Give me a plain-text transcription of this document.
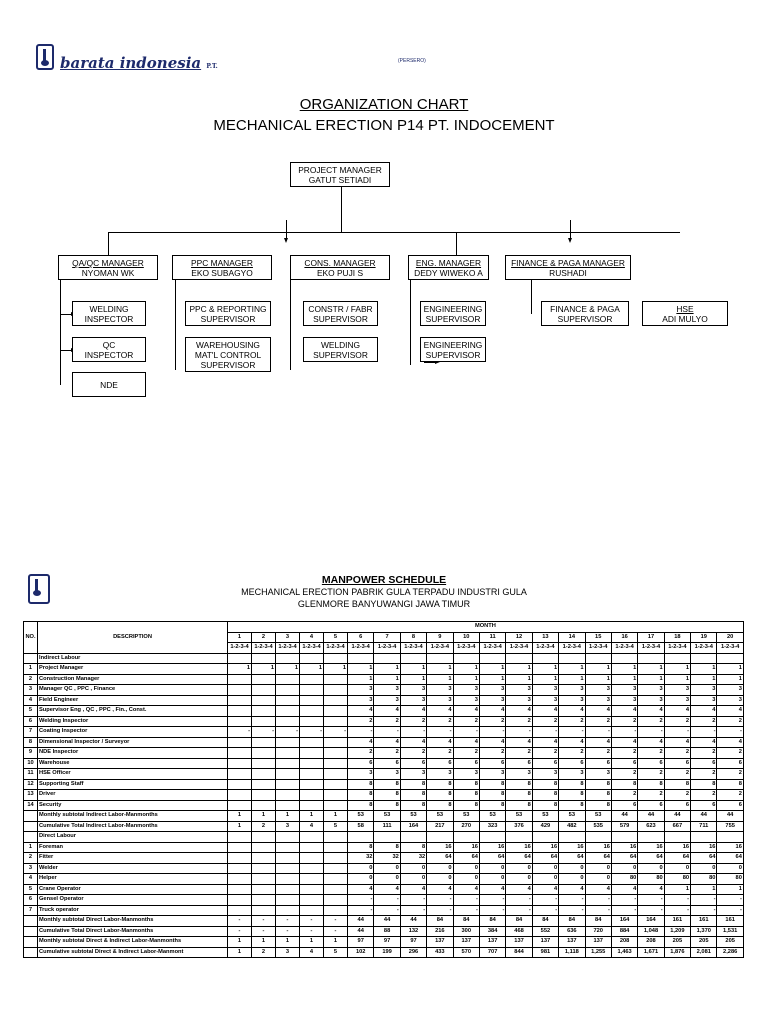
barata indonesia P.T.
(PERSERO)
ORGANIZATION CHART
MECHANICAL ERECTION P14 PT. INDOCEMENT
PROJECT MANAGER
GATUT SETIADI
QA/QC MANAGER
NYOMAN WK
PPC MANAGER
EKO SUBAGYO
CONS. MANAGER
EKO PUJI S
ENG. MANAGER
DEDY WIWEKO A
FINANCE & PAGA MANAGER
RUSHADI
WELDING
INSPECTOR
QC
INSPECTOR
NDE
PPC & REPORTING
SUPERVISOR
WAREHOUSING
MAT'L CONTROL
SUPERVISOR
CONSTR / FABR
SUPERVISOR
WELDING
SUPERVISOR
ENGINEERING
SUPERVISOR
ENGINEERING
SUPERVISOR
FINANCE & PAGA
SUPERVISOR
HSE
ADI MULYO
MANPOWER SCHEDULE
MECHANICAL ERECTION PABRIK GULA TERPADU INDUSTRI GULA
GLENMORE BANYUWANGI JAWA TIMUR
NO.	DESCRIPTION	MONTH																			
		1	2	3	4	5	6	7	8	9	10	11	12	13	14	15	16	17	18	19	20
		1-2-3-4	1-2-3-4	1-2-3-4	1-2-3-4	1-2-3-4	1-2-3-4	1-2-3-4	1-2-3-4	1-2-3-4	1-2-3-4	1-2-3-4	1-2-3-4	1-2-3-4	1-2-3-4	1-2-3-4	1-2-3-4	1-2-3-4	1-2-3-4	1-2-3-4	1-2-3-4
	Indirect Labour																				
1	Project Manager	1	1	1	1	1	1	1	1	1	1	1	1	1	1	1	1	1	1	1	1
2	Construction Manager						1	1	1	1	1	1	1	1	1	1	1	1	1	1	1
3	Manager QC , PPC , Finance						3	3	3	3	3	3	3	3	3	3	3	3	3	3	3
4	Field Engineer						3	3	3	3	3	3	3	3	3	3	3	3	3	3	3
5	Supervisor Eng , QC , PPC , Fin., Const.						4	4	4	4	4	4	4	4	4	4	4	4	4	4	4
6	Welding Inspector						2	2	2	2	2	2	2	2	2	2	2	2	2	2	2
7	Coating Inspector	-	-	-	-	-	-	-	-	-	-	-	-	-	-	-	-	-	-	-	-
8	Dimensional Inspector / Surveyor						4	4	4	4	4	4	4	4	4	4	4	4	4	4	4
9	NDE Inspector						2	2	2	2	2	2	2	2	2	2	2	2	2	2	2
10	Warehouse						6	6	6	6	6	6	6	6	6	6	6	6	6	6	6
11	HSE Officer						3	3	3	3	3	3	3	3	3	3	2	2	2	2	2
12	Supporting Staff						8	8	8	8	8	8	8	8	8	8	8	8	8	8	8
13	Driver						8	8	8	8	8	8	8	8	8	8	2	2	2	2	2
14	Security						8	8	8	8	8	8	8	8	8	8	6	6	6	6	6
	Monthly subtotal Indirect Labor-Manmonths	1	1	1	1	1	53	53	53	53	53	53	53	53	53	53	44	44	44	44	44
	Cumulative Total Indirect Labor-Manmonths	1	2	3	4	5	58	111	164	217	270	323	376	429	482	535	579	623	667	711	755
	Direct Labour																				
1	Foreman						8	8	8	16	16	16	16	16	16	16	16	16	16	16	16
2	Fitter						32	32	32	64	64	64	64	64	64	64	64	64	64	64	64
3	Welder						0	0	0	0	0	0	0	0	0	0	0	0	0	0	0
4	Helper						0	0	0	0	0	0	0	0	0	0	80	80	80	80	80
5	Crane Operator						4	4	4	4	4	4	4	4	4	4	4	4	1	1	1
6	Gensel Operator						-	-	-	-	-	-	-	-	-	-	-	-	-	-	-
7	Truck operator						-	-	-	-	-	-	-	-	-	-	-	-	-	-	-
	Monthly subtotal Direct Labor-Manmonths	-	-	-	-	-	44	44	44	84	84	84	84	84	84	84	164	164	161	161	161
	Cumulative Total Direct Labor-Manmonths	-	-	-	-	-	44	88	132	216	300	384	468	552	636	720	884	1,048	1,209	1,370	1,531
	Monthly subtotal Direct & Indirect Labor-Manmonths	1	1	1	1	1	97	97	97	137	137	137	137	137	137	137	208	208	205	205	205
	Cumulative subtotal Direct & Indirect Labor-Manmont	1	2	3	4	5	102	199	296	433	570	707	844	981	1,118	1,255	1,463	1,671	1,876	2,081	2,286
